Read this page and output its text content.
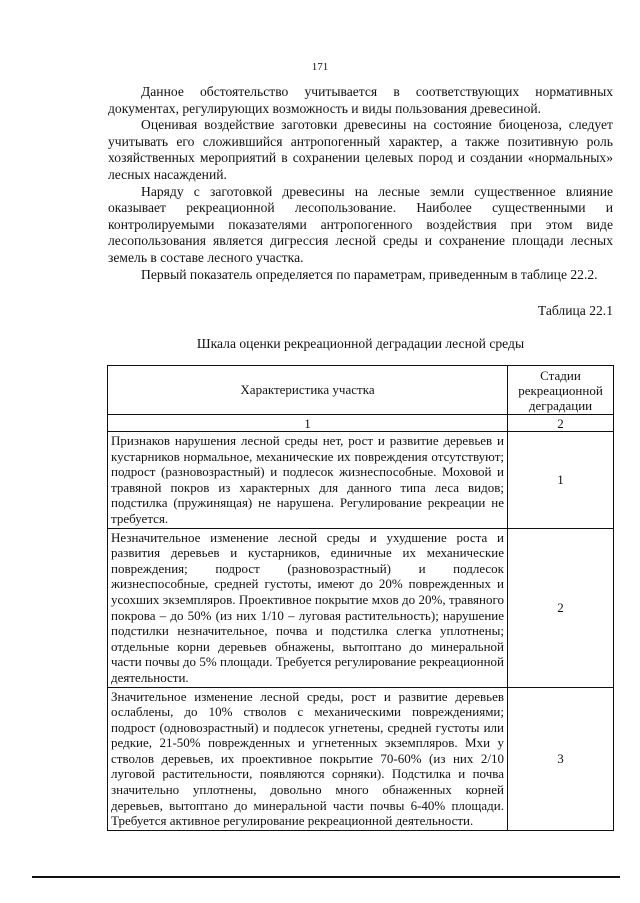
171

Данное обстоятельство учитывается в соответствующих нормативных документах, регулирующих возможность и виды пользования древесиной.

Оценивая воздействие заготовки древесины на состояние биоценоза, следует учитывать его сложившийся антропогенный характер, а также позитивную роль хозяйственных мероприятий в сохранении целевых пород и создании «нормальных» лесных насаждений.

Наряду с заготовкой древесины на лесные земли существенное влияние оказывает рекреационной лесопользование. Наиболее существенными и контролируемыми показателями антропогенного воздействия при этом виде лесопользования является дигрессия лесной среды и сохранение площади лесных земель в составе лесного участка.

Первый показатель определяется по параметрам, приведенным в таблице 22.2.

Таблица 22.1
Шкала оценки рекреационной деградации лесной среды
Характеристика участка	Стадии рекреационной деградации
1	2
Признаков нарушения лесной среды нет, рост и развитие деревьев и кустарников нормальное, механические их повреждения отсутствуют; подрост (разновозрастный) и подлесок жизнеспособные. Моховой и травяной покров из характерных для данного типа леса видов; подстилка (пружинящая) не нарушена. Регулирование рекреации не требуется.	1
Незначительное изменение лесной среды и ухудшение роста и развития деревьев и кустарников, единичные их механические повреждения; подрост (разновозрастный) и подлесок жизнеспособные, средней густоты, имеют до 20% поврежденных и усохших экземпляров. Проективное покрытие мхов до 20%, травяного покрова – до 50% (из них 1/10 – луговая растительность); нарушение подстилки незначительное, почва и подстилка слегка уплотнены; отдельные корни деревьев обнажены, вытоптано до минеральной части почвы до 5% площади. Требуется регулирование рекреационной деятельности.	2
Значительное изменение лесной среды, рост и развитие деревьев ослаблены, до 10% стволов с механическими повреждениями; подрост (одновозрастный) и подлесок угнетены, средней густоты или редкие, 21-50% поврежденных и угнетенных экземпляров. Мхи у стволов деревьев, их проективное покрытие 70-60% (из них 2/10 луговой растительности, появляются сорняки). Подстилка и почва значительно уплотнены, довольно много обнаженных корней деревьев, вытоптано до минеральной части почвы 6-40% площади. Требуется активное регулирование рекреационной деятельности.	3
